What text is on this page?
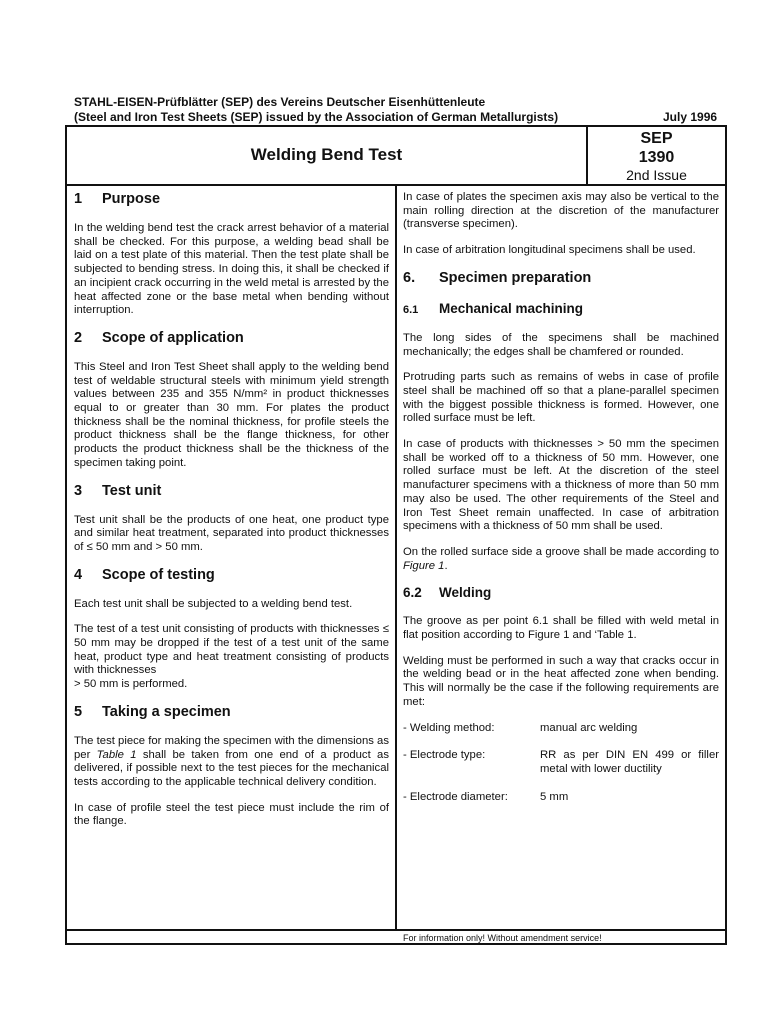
STAHL-EISEN-Prüfblätter (SEP) des Vereins Deutscher Eisenhüttenleute
(Steel and Iron Test Sheets (SEP) issued by the Association of German Metallurgists)	July 1996
Welding Bend Test
SEP
1390
2nd Issue
1 Purpose

In the welding bend test the crack arrest behavior of a material shall be checked. For this purpose, a welding bead shall be laid on a test plate of this material. Then the test plate shall be subjected to bending stress. In doing this, it shall be checked if an incipient crack occurring in the weld metal is arrested by the heat affected zone or the base metal when bending without interruption.

2 Scope of application

This Steel and Iron Test Sheet shall apply to the welding bend test of weldable structural steels with minimum yield strength values between 235 and 355 N/mm² in product thicknesses equal to or greater than 30 mm. For plates the product thickness shall be the nominal thickness, for profile steels the product thickness shall be the flange thickness, for other products the product thickness shall be the thickness of the specimen taking point.

3 Test unit

Test unit shall be the products of one heat, one product type and similar heat treatment, separated into product thicknesses of ≤ 50 mm and > 50 mm.

4 Scope of testing

Each test unit shall be subjected to a welding bend test.

The test of a test unit consisting of products with thicknesses ≤ 50 mm may be dropped if the test of a test unit of the same heat, product type and heat treatment consisting of products with thicknesses
> 50 mm is performed.

5 Taking a specimen

The test piece for making the specimen with the dimensions as per Table 1 shall be taken from one end of a product as delivered, if possible next to the test pieces for the mechanical tests according to the applicable technical delivery condition.

In case of profile steel the test piece must include the rim of the flange.

In case of plates the specimen axis may also be vertical to the main rolling direction at the discretion of the manufacturer (transverse specimen).

In case of arbitration longitudinal specimens shall be used.

6. Specimen preparation
6.1 Mechanical machining

The long sides of the specimens shall be machined mechanically; the edges shall be chamfered or rounded.

Protruding parts such as remains of webs in case of profile steel shall be machined off so that a plane-parallel specimen with the biggest possible thickness is formed. However, one rolled surface must be left.

In case of products with thicknesses > 50 mm the specimen shall be worked off to a thickness of 50 mm. However, one rolled surface must be left. At the discretion of the steel manufacturer specimens with a thickness of more than 50 mm may also be used. The other requirements of the Steel and Iron Test Sheet remain unaffected. In case of arbitration specimens with a thickness of 50 mm shall be used.

On the rolled surface side a groove shall be made according to Figure 1.

6.2 Welding

The groove as per point 6.1 shall be filled with weld metal in flat position according to Figure 1 and ‘Table 1.

Welding must be performed in such a way that cracks occur in the welding bead or in the heat affected zone when bending. This will normally be the case if the following requirements are met:

- Welding method:	manual arc welding
- Electrode type:	RR as per DIN EN 499 or filler metal with lower ductility
- Electrode diameter:	5 mm
For information only! Without amendment service!
